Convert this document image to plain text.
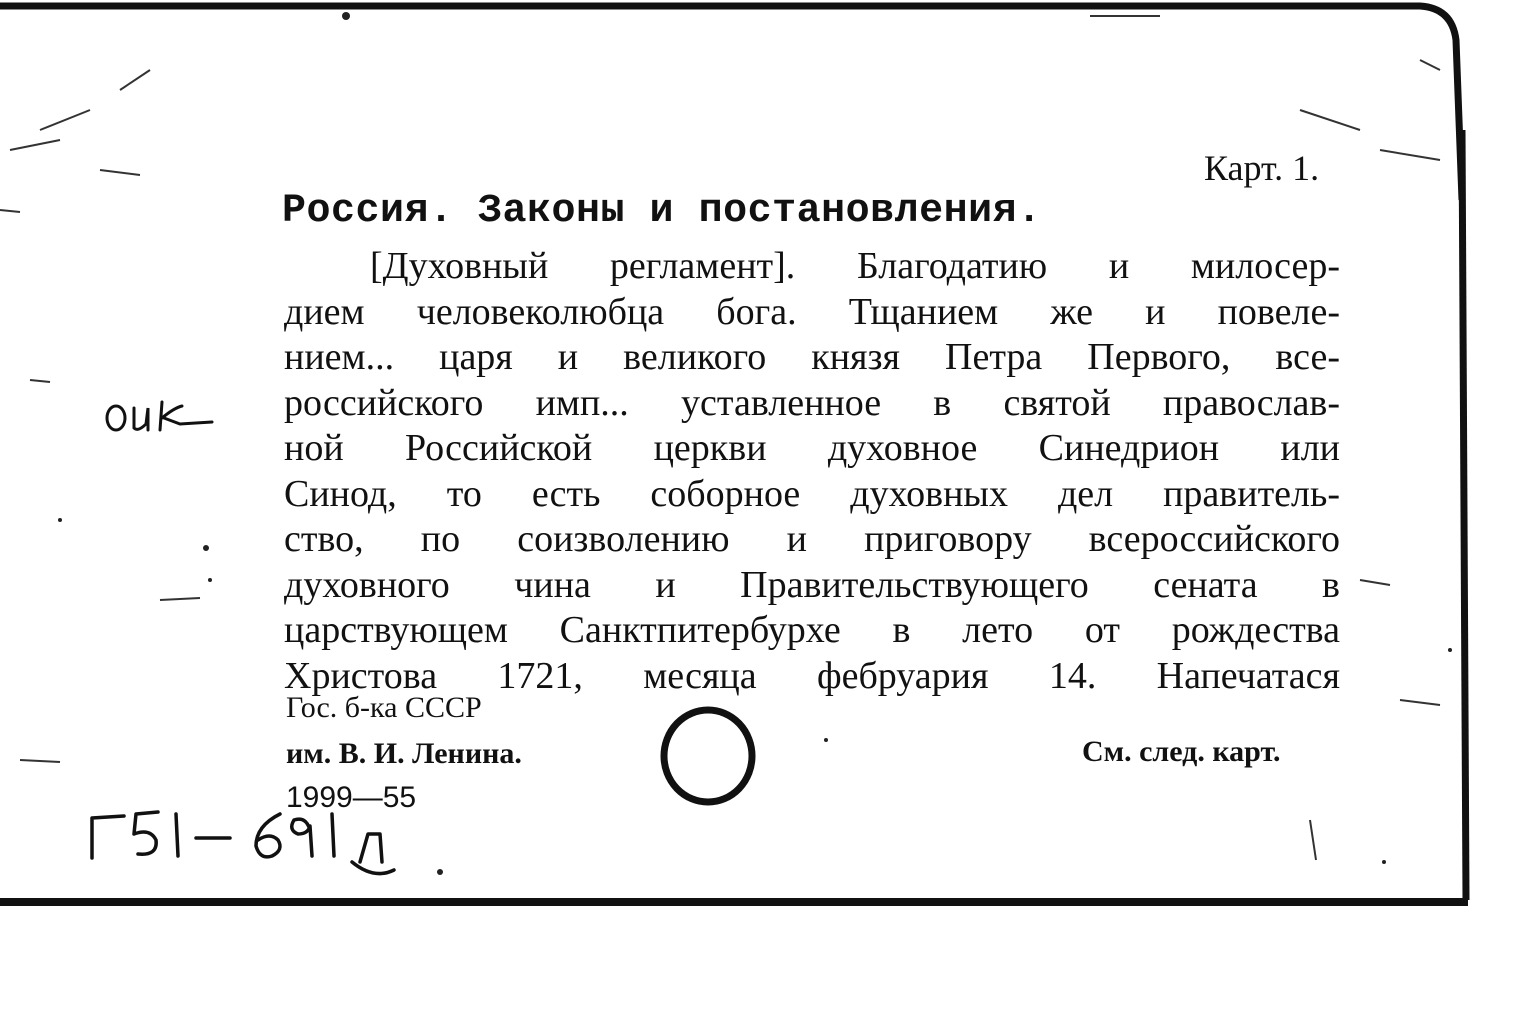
Карт. 1.
Россия. Законы и постановления.
[Духовный регламент]. Благодатию и милосер-
дием человеколюбца бога. Тщанием же и повеле-
нием... царя и великого князя Петра Первого, все-
российского имп... уставленное в святой православ-
ной Российской церкви духовное Синедрион или
Синод, то есть соборное духовных дел правитель-
ство, по соизволению и приговору всероссийского
духовного чина и Правительствующего сената в
царствующем Санктпитербурхе в лето от рождества
Христова 1721, месяца фебруария 14. Напечатася
Гос. б-ка СССР
им. В. И. Ленина.
1999—55
См. след. карт.
